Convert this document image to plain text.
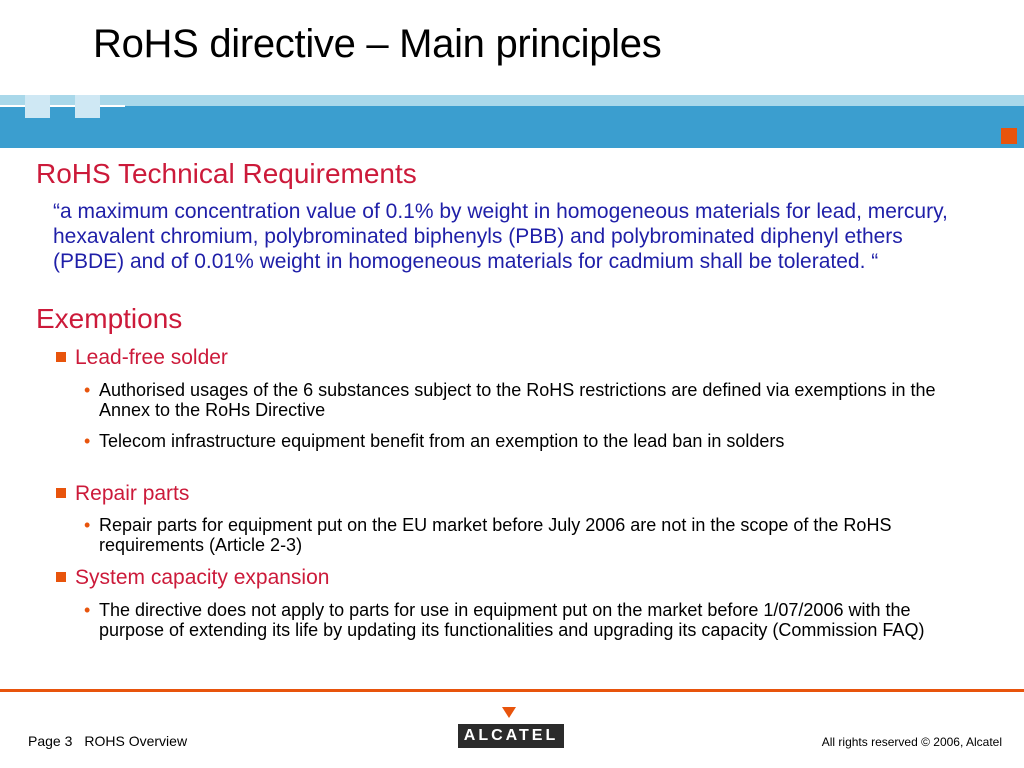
RoHS directive – Main principles
RoHS Technical Requirements
“a maximum concentration value of 0.1% by weight in homogeneous materials for lead, mercury, hexavalent chromium, polybrominated biphenyls (PBB) and polybrominated diphenyl ethers (PBDE) and of 0.01% weight in homogeneous materials for cadmium shall be tolerated. “
Exemptions
Lead-free solder
• Authorised usages of the 6 substances subject to the RoHS restrictions are defined via exemptions in the Annex to the RoHs Directive
• Telecom infrastructure equipment benefit from an exemption to the lead ban in solders
Repair parts
• Repair parts for equipment put on the EU market before July 2006 are not in the scope of the RoHS requirements (Article 2-3)
System capacity expansion
• The directive does not apply to parts for use in equipment put on the market before 1/07/2006 with the purpose of extending its life by updating its functionalities and upgrading its capacity (Commission FAQ)
Page 3 ROHS Overview	ALCATEL	All rights reserved © 2006, Alcatel
